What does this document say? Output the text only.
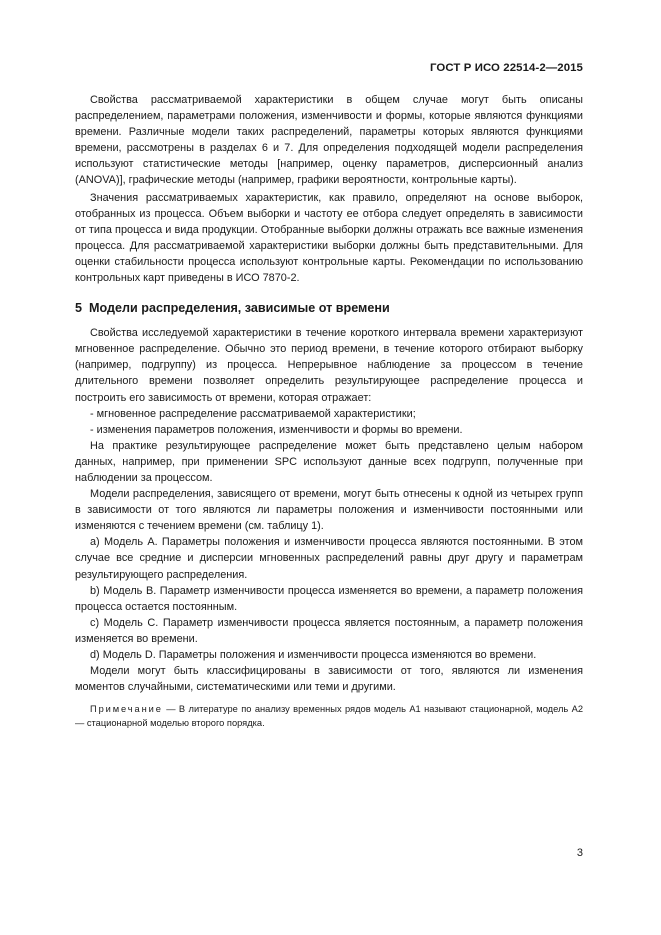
ГОСТ Р ИСО 22514-2—2015

Свойства рассматриваемой характеристики в общем случае могут быть описаны распределением, параметрами положения, изменчивости и формы, которые являются функциями времени. Различные модели таких распределений, параметры которых являются функциями времени, рассмотрены в разделах 6 и 7. Для определения подходящей модели распределения используют статистические методы [например, оценку параметров, дисперсионный анализ (ANOVA)], графические методы (например, графики вероятности, контрольные карты).

Значения рассматриваемых характеристик, как правило, определяют на основе выборок, отобранных из процесса. Объем выборки и частоту ее отбора следует определять в зависимости от типа процесса и вида продукции. Отобранные выборки должны отражать все важные изменения процесса. Для рассматриваемой характеристики выборки должны быть представительными. Для оценки стабильности процесса используют контрольные карты. Рекомендации по использованию контрольных карт приведены в ИСО 7870-2.

5 Модели распределения, зависимые от времени

Свойства исследуемой характеристики в течение короткого интервала времени характеризуют мгновенное распределение. Обычно это период времени, в течение которого отбирают выборку (например, подгруппу) из процесса. Непрерывное наблюдение за процессом в течение длительного времени позволяет определить результирующее распределение процесса и построить его зависимость от времени, которая отражает:

- мгновенное распределение рассматриваемой характеристики;

- изменения параметров положения, изменчивости и формы во времени.

На практике результирующее распределение может быть представлено целым набором данных, например, при применении SPC используют данные всех подгрупп, полученные при наблюдении за процессом.

Модели распределения, зависящего от времени, могут быть отнесены к одной из четырех групп в зависимости от того являются ли параметры положения и изменчивости постоянными или изменяются с течением времени (см. таблицу 1).

a) Модель А. Параметры положения и изменчивости процесса являются постоянными. В этом случае все средние и дисперсии мгновенных распределений равны друг другу и параметрам результирующего распределения.

b) Модель В. Параметр изменчивости процесса изменяется во времени, а параметр положения процесса остается постоянным.

c) Модель С. Параметр изменчивости процесса является постоянным, а параметр положения изменяется во времени.

d) Модель D. Параметры положения и изменчивости процесса изменяются во времени.

Модели могут быть классифицированы в зависимости от того, являются ли изменения моментов случайными, систематическими или теми и другими.

Примечание — В литературе по анализу временных рядов модель А1 называют стационарной, модель А2 — стационарной моделью второго порядка.

3
